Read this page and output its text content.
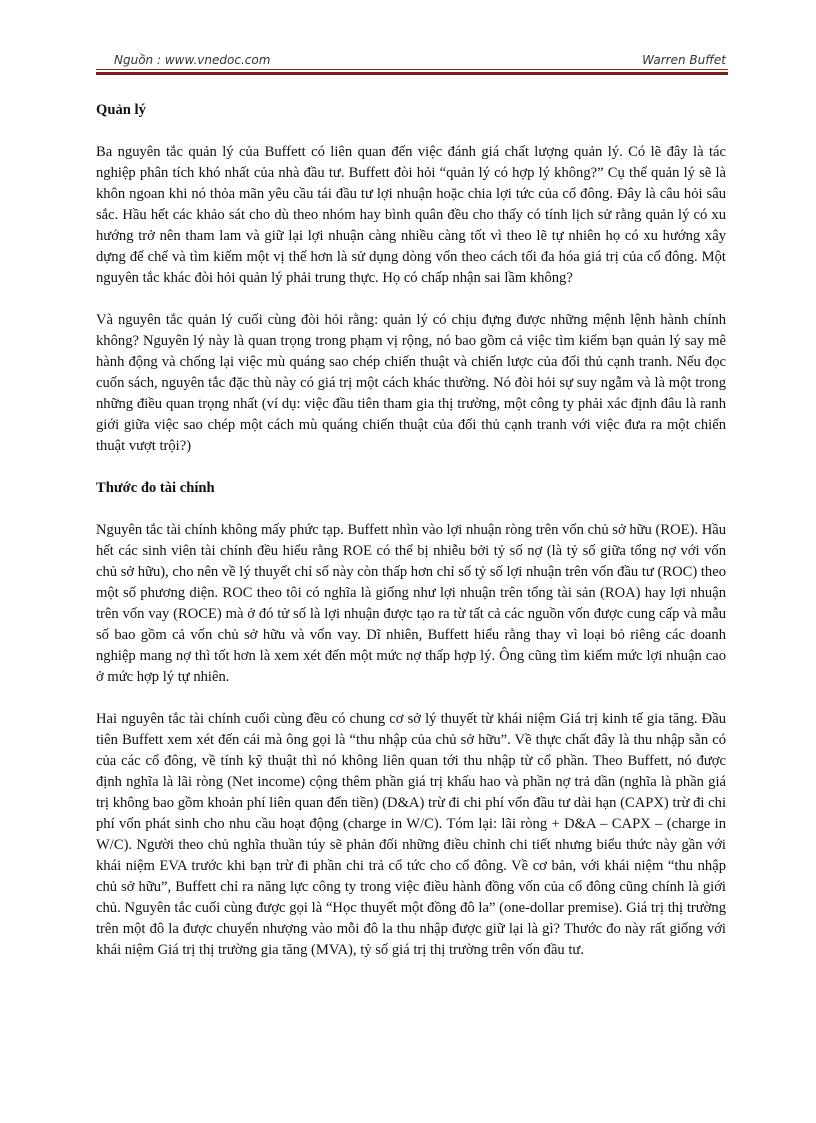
Nguồn : www.vnedoc.com	Warren Buffet
Quản lý

Ba nguyên tắc quản lý của Buffett có liên quan đến việc đánh giá chất lượng quản lý. Có lẽ đây là tác nghiệp phân tích khó nhất của nhà đầu tư. Buffett đòi hỏi “quản lý có hợp lý không?” Cụ thể quản lý sẽ là khôn ngoan khi nó thỏa mãn yêu cầu tái đầu tư lợi nhuận hoặc chia lợi tức của cổ đông. Đây là câu hỏi sâu sắc. Hầu hết các khảo sát cho dù theo nhóm hay bình quân đều cho thấy có tính lịch sử rằng quản lý có xu hướng trở nên tham lam và giữ lại lợi nhuận càng nhiều càng tốt vì theo lẽ tự nhiên họ có xu hướng xây dựng đế chế và tìm kiếm một vị thế hơn là sử dụng dòng vốn theo cách tối đa hóa giá trị của cổ đông. Một nguyên tắc khác đòi hỏi quản lý phải trung thực. Họ có chấp nhận sai lầm không?

Và nguyên tắc quản lý cuối cùng đòi hỏi rằng: quản lý có chịu đựng được những mệnh lệnh hành chính không? Nguyên lý này là quan trọng trong phạm vị rộng, nó bao gồm cả việc tìm kiếm bạn quản lý say mê hành động và chống lại việc mù quáng sao chép chiến thuật và chiến lược của đối thủ cạnh tranh. Nếu đọc cuốn sách, nguyên tắc đặc thù này có giá trị một cách khác thường. Nó đòi hỏi sự suy ngẫm và là một trong những điều quan trọng nhất (ví dụ: việc đầu tiên tham gia thị trường, một công ty phải xác định đâu là ranh giới giữa việc sao chép một cách mù quáng chiến thuật của đối thủ cạnh tranh với việc đưa ra một chiến thuật vượt trội?)

Thước đo tài chính

Nguyên tắc tài chính không mấy phức tạp. Buffett nhìn vào lợi nhuận ròng trên vốn chủ sở hữu (ROE). Hầu hết các sinh viên tài chính đều hiểu rằng ROE có thể bị nhiễu bởi tỷ số nợ (là tỷ số giữa tổng nợ với vốn chủ sở hữu), cho nên về lý thuyết chỉ số này còn thấp hơn chỉ số tỷ số lợi nhuận trên vốn đầu tư (ROC) theo một số phương diện. ROC theo tôi có nghĩa là giống như lợi nhuận trên tổng tài sản (ROA) hay lợi nhuận trên vốn vay (ROCE) mà ở đó tử số là lợi nhuận được tạo ra từ tất cả các nguồn vốn được cung cấp và mẫu số bao gồm cả vốn chủ sở hữu và vốn vay. Dĩ nhiên, Buffett hiểu rằng thay vì loại bỏ riêng các doanh nghiệp mang nợ thì tốt hơn là xem xét đến một mức nợ thấp hợp lý. Ông cũng tìm kiếm mức lợi nhuận cao ở mức hợp lý tự nhiên.

Hai nguyên tắc tài chính cuối cùng đều có chung cơ sở lý thuyết từ khái niệm Giá trị kinh tế gia tăng. Đầu tiên Buffett xem xét đến cái mà ông gọi là “thu nhập của chủ sở hữu”. Về thực chất đây là thu nhập sẵn có của các cổ đông, về tính kỹ thuật thì nó không liên quan tới thu nhập từ cổ phần. Theo Buffett, nó được định nghĩa là lãi ròng (Net income) cộng thêm phần giá trị khấu hao và phần nợ trả dần (nghĩa là phần giá trị không bao gồm khoản phí liên quan đến tiền) (D&A) trừ đi chi phí vốn đầu tư dài hạn (CAPX) trừ đi chi phí vốn phát sinh cho nhu cầu hoạt động (charge in W/C). Tóm lại: lãi ròng + D&A – CAPX – (charge in W/C). Người theo chủ nghĩa thuần túy sẽ phản đối những điều chỉnh chi tiết nhưng biểu thức này gần với khái niệm EVA trước khi bạn trừ đi phần chi trả cổ tức cho cổ đông. Về cơ bản, với khái niệm “thu nhập chủ sở hữu”, Buffett chỉ ra năng lực công ty trong việc điều hành đồng vốn của cổ đông cũng chính là giới chủ. Nguyên tắc cuối cùng được gọi là “Học thuyết một đồng đô la” (one-dollar premise). Giá trị thị trường trên một đô la được chuyển nhượng vào mỗi đô la thu nhập được giữ lại là gì? Thước đo này rất giống với khái niệm Giá trị thị trường gia tăng (MVA), tỷ số giá trị thị trường trên vốn đầu tư.
